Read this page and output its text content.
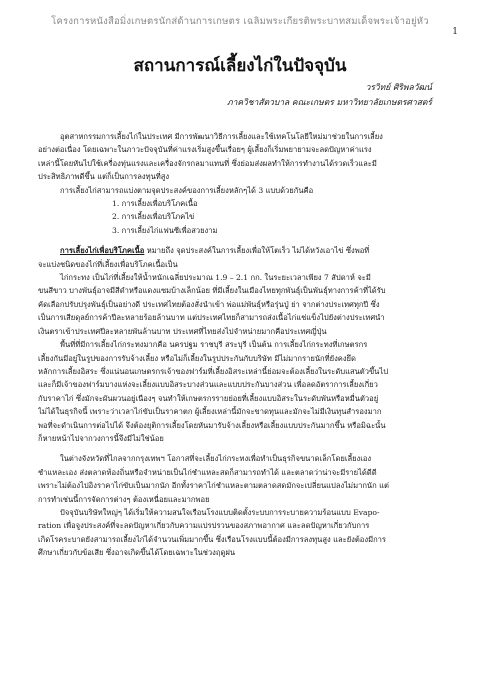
โครงการหนังสือมิ่งเกษตรนักส่ด้านการเกษตร เฉลิมพระเกียรติพระบาทสมเด็จพระเจ้าอยู่หัว
1
สถานการณ์เลี้ยงไก่ในปัจจุบัน
วรวิทย์ ศิริพลวัฒน์
ภาควิชาสัตวบาล คณะเกษตร มหาวิทยาลัยเกษตรศาสตร์
อุตสาหกรรมการเลี้ยงไก่ในประเทศ มีการพัฒนาวิธีการเลี้ยงและใช้เทคโนโลยีใหม่มาช่วยในการเลี้ยง
อย่างต่อเนื่อง โดยเฉพาะในภาวะปัจจุบันที่ค่าแรงเริ่มสูงขึ้นเรื่อยๆ ผู้เลี้ยงก็เริ่มพยายามจะลดปัญหาค่าแรง
เหล่านี้โดยหันไปใช้เครื่องทุ่นแรงและเครื่องจักรกลมาแทนที่ ซึ่งย่อมส่งผลทำให้การทำงานได้รวดเร็วและมี
ประสิทธิภาพดีขึ้น แต่ก็เป็นการลงทุนที่สูง
การเลี้ยงไก่สามารถแบ่งตามจุดประสงค์ของการเลี้ยงหลักๆได้ 3 แบบด้วยกันคือ
1. การเลี้ยงเพื่อบริโภคเนื้อ
2. การเลี้ยงเพื่อบริโภคไข่
3. การเลี้ยงไก่แฟนซีเพื่อสวยงาม
การเลี้ยงไก่เพื่อบริโภคเนื้อ หมายถึง จุดประสงค์ในการเลี้ยงเพื่อให้โตเร็ว ไม่ได้หวังเอาไข่ ซึ่งพอที่
จะแบ่งชนิดของไก่ที่เลี้ยงเพื่อบริโภคเนื้อเป็น
ไก่กระทง เป็นไก่ที่เลี้ยงให้น้ำหนักเฉลี่ยประมาณ 1.9 – 2.1 กก. ในระยะเวลาเพียง 7 สัปดาห์ จะมี
ขนสีขาว บางพันธุ์อาจมีสีดำหรือแดงแซมบ้างเล็กน้อย ที่มีเลี้ยงในเมืองไทยทุกพันธุ์เป็นพันธุ์ทางการค้าที่ได้รับ
คัดเลือกปรับปรุงพันธุ์เป็นอย่างดี ประเทศไทยต้องสั่งนำเข้า พ่อแม่พันธุ์หรือรุ่นปู่ ย่า จากต่างประเทศทุกปี ซึ่ง
เป็นการเสียดุลย์การค้าปีละหลายร้อยล้านบาท แต่ประเทศไทยก็สามารถส่งเนื้อไก่แช่แข็งไปยังต่างประเทศนำ
เงินตราเข้าประเทศปีละหลายพันล้านบาท ประเทศที่ไทยส่งไปจำหน่ายมากคือประเทศญี่ปุ่น
พื้นที่ที่มีการเลี้ยงไก่กระทงมากคือ นครปฐม ราชบุรี สระบุรี เป็นต้น การเลี้ยงไก่กระทงที่เกษตรกร
เลี้ยงกันมีอยู่ในรูปของการรับจ้างเลี้ยง หรือไม่ก็เลี้ยงในรูปประกันกับบริษัท มีไม่มากรายนักที่ยังคงยึด
หลักการเลี้ยงอิสระ ซึ่งแน่นอนเกษตรกรเจ้าของฟาร์มที่เลี้ยงอิสระเหล่านี้ย่อมจะต้องเลี้ยงในระดับแสนตัวขึ้นไป
และก็มีเจ้าของฟาร์มบางแห่งจะเลี้ยงแบบอิสระบางส่วนและแบบประกันบางส่วน เพื่อลดอัตราการเลี้ยงเกี่ยว
กับราคาไก่ ซึ่งมักจะผันผวนอยู่เนืองๆ จนทำให้เกษตรกรรายย่อยที่เลี้ยงแบบอิสระในระดับพันหรือหมื่นตัวอยู่
ไม่ได้ในธุรกิจนี้ เพราะว่าเวลาไก่ขับเป็นราคาตก ผู้เลี้ยงเหล่านี้มักจะขาดทุนและมักจะไม่มีเงินทุนสำรองมาก
พอที่จะดำเนินการต่อไปได้ จึงต้องยุติการเลี้ยงโดยหันมารับจ้างเลี้ยงหรือเลี้ยงแบบประกันมากขึ้น หรือมิฉะนั้น
ก็หายหน้าไปจากวงการนี้จึงมีไม่ใช่น้อย
ในต่างจังหวัดที่ไกลจากกรุงเทพฯ โอกาสที่จะเลี้ยงไก่กระทงเพื่อทำเป็นธุรกิจขนาดเล็กโดยเลี้ยงเอง
ชำแหละเอง ส่งตลาดท้องถิ่นหรือจำหน่ายเป็นไก่ชำแหละสดก็สามารถทำได้ และตลาดว่าน่าจะมีรายได้ดีดี
เพราะไม่ต้องไปอิงราคาไก่ขับเป็นมากนัก อีกทั้งราคาไก่ชำแหละตามตลาดสดมักจะเปลี่ยนแปลงไม่มากนัก แต่
การทำเช่นนี้การจัดการต่างๆ ต้องเหนื่อยและมากพอย
ปัจจุบันบริษัทใหญ่ๆ ได้เริ่มให้ความสนใจเรือนโรงแบบติดตั้งระบบการระบายความร้อนแบบ Evapo-
ration เพื่อจูงประสงค์ที่จะลดปัญหาเกี่ยวกับความแปรปรวนของสภาพอากาศ และลดปัญหาเกี่ยวกับการ
เกิดโรคระบาดยังสามารถเลี้ยงไก่ได้จำนวนเพิ่มมากขึ้น ซึ่งเรือนโรงแบบนี้ต้องมีการลงทุนสูง และยังต้องมีการ
ศึกษาเกี่ยวกับข้อเสีย ซึ่งอาจเกิดขึ้นได้โดยเฉพาะในช่วงฤดูฝน
